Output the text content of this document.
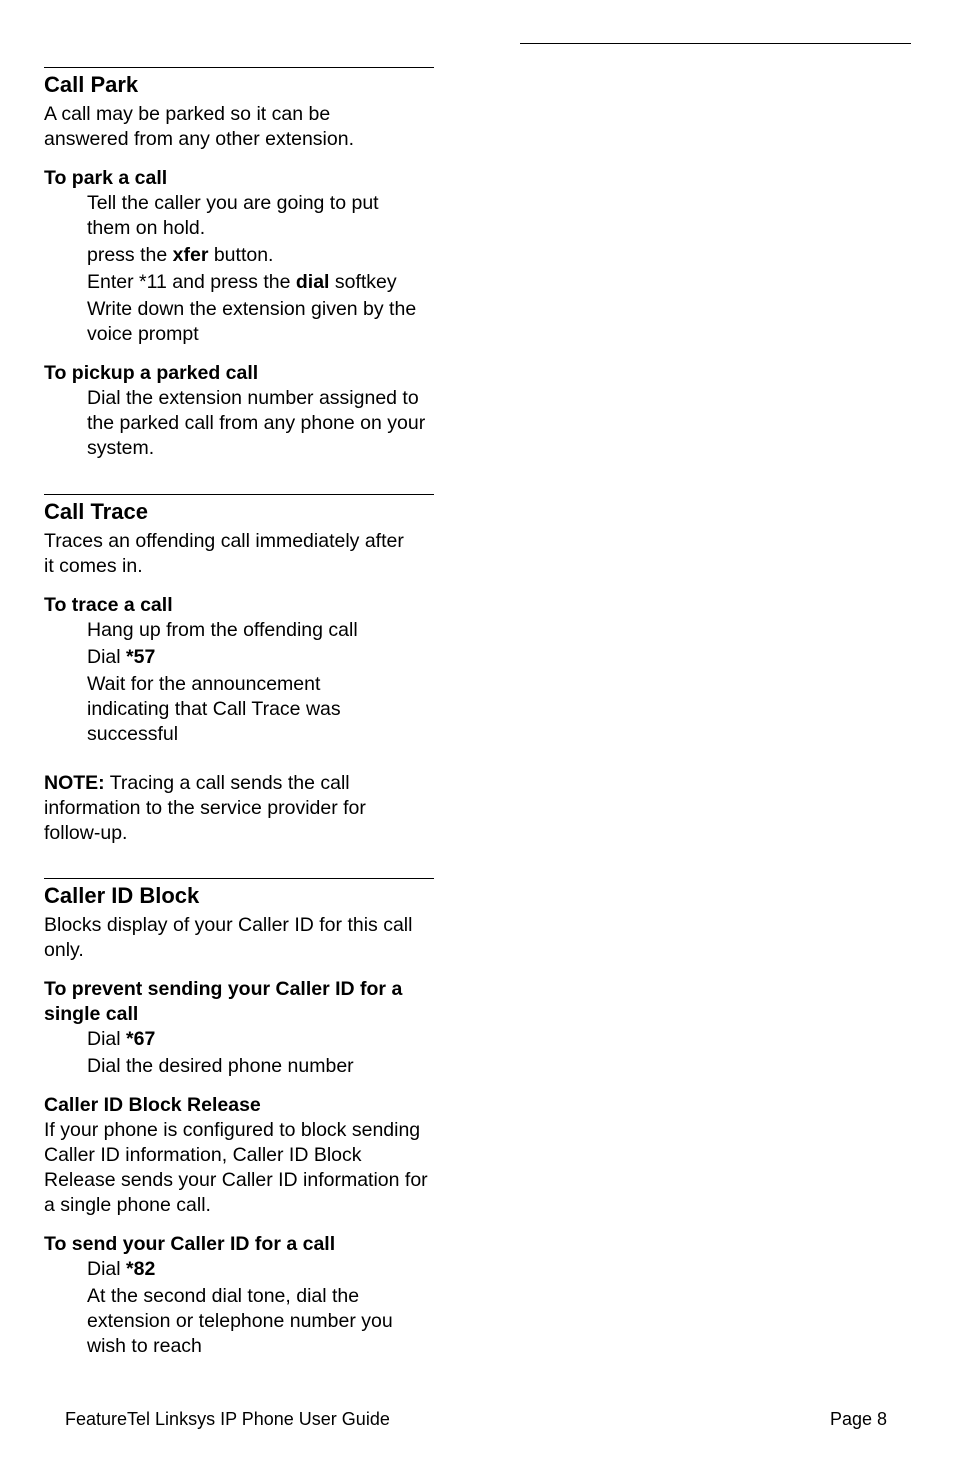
Call Park

A call may be parked so it can be answered from any other extension.

To park a call

Tell the caller you are going to put them on hold.

press the xfer button.

Enter *11 and press the dial softkey

Write down the extension given by the voice prompt

To pickup a parked call

Dial the extension number assigned to the parked call from any phone on your system.

Call Trace

Traces an offending call immediately after it comes in.

To trace a call

Hang up from the offending call

Dial *57

Wait for the announcement indicating that Call Trace was successful

NOTE: Tracing a call sends the call information to the service provider for follow-up.

Caller ID Block

Blocks display of your Caller ID for this call only.

To prevent sending your Caller ID for a single call

Dial *67

Dial the desired phone number

Caller ID Block Release

If your phone is configured to block sending Caller ID information, Caller ID Block Release sends your Caller ID information for a single phone call.

To send your Caller ID for a call

Dial *82

At the second dial tone, dial the extension or telephone number you wish to reach

FeatureTel Linksys IP Phone User Guide	Page 8
